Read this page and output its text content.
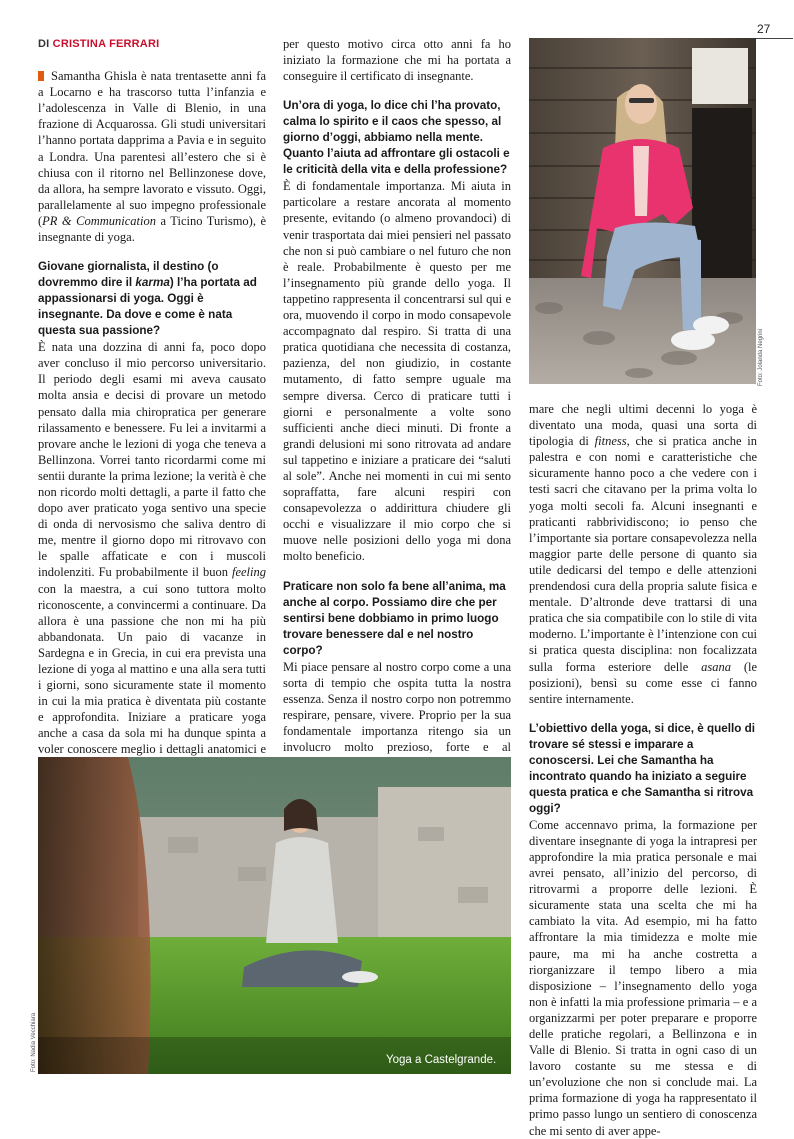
27
DI CRISTINA FERRARI

Samantha Ghisla è nata trentasette anni fa a Locarno e ha trascorso tutta l’infanzia e l’adolescenza in Valle di Blenio, in una frazione di Acquarossa. Gli studi universitari l’hanno portata dapprima a Pavia e in seguito a Londra. Una parentesi all’estero che si è chiusa con il ritorno nel Bellinzonese dove, da allora, ha sempre lavorato e vissuto. Oggi, parallelamente al suo impegno professionale (PR & Communication a Ticino Turismo), è insegnante di yoga.

Giovane giornalista, il destino (o dovremmo dire il karma) l’ha portata ad appassionarsi di yoga. Oggi è insegnante. Da dove e come è nata questa sua passione?

È nata una dozzina di anni fa, poco dopo aver concluso il mio percorso universitario. Il periodo degli esami mi aveva causato molta ansia e decisi di provare un metodo pensato dalla mia chiropratica per generare rilassamento e benessere. Fu lei a invitarmi a provare anche le lezioni di yoga che teneva a Bellinzona. Vorrei tanto ricordarmi come mi sentii durante la prima lezione; la verità è che non ricordo molti dettagli, a parte il fatto che dopo aver praticato yoga sentivo una specie di onda di nervosismo che saliva dentro di me, mentre il giorno dopo mi ritrovavo con le spalle affaticate e con i muscoli indolenziti. Fu probabilmente il buon feeling con la maestra, a cui sono tuttora molto riconoscente, a convincermi a continuare. Da allora è una passione che non mi ha più abbandonata. Un paio di vacanze in Sardegna e in Grecia, in cui era prevista una lezione di yoga al mattino e una alla sera tutti i giorni, sono sicuramente state il momento in cui la mia pratica è diventata più costante e approfondita. Iniziare a praticare yoga anche a casa da sola mi ha dunque spinta a voler conoscere meglio i dettagli anatomici e

per questo motivo circa otto anni fa ho iniziato la formazione che mi ha portata a conseguire il certificato di insegnante.

Un’ora di yoga, lo dice chi l’ha provato, calma lo spirito e il caos che spesso, al giorno d’oggi, abbiamo nella mente. Quanto l’aiuta ad affrontare gli ostacoli e le criticità della vita e della professione?

È di fondamentale importanza. Mi aiuta in particolare a restare ancorata al momento presente, evitando (o almeno provandoci) di venir trasportata dai miei pensieri nel passato che non si può cambiare o nel futuro che non è reale. Probabilmente è questo per me l’insegnamento più grande dello yoga. Il tappetino rappresenta il concentrarsi sul qui e ora, muovendo il corpo in modo consapevole accompagnato dal respiro. Si tratta di una pratica quotidiana che necessita di costanza, pazienza, del non giudizio, in costante mutamento, di fatto sempre uguale ma sempre diversa. Cerco di praticare tutti i giorni e personalmente a volte sono sufficienti anche dieci minuti. Di fronte a grandi delusioni mi sono ritrovata ad andare sul tappetino e iniziare a praticare dei “saluti al sole”. Anche nei momenti in cui mi sento sopraffatta, fare alcuni respiri con consapevolezza o addirittura chiudere gli occhi e visualizzare il mio corpo che si muove nelle posizioni dello yoga mi dona molto beneficio.

Praticare non solo fa bene all’anima, ma anche al corpo. Possiamo dire che per sentirsi bene dobbiamo in primo luogo trovare benessere dal e nel nostro corpo?

Mi piace pensare al nostro corpo come a una sorta di tempio che ospita tutta la nostra essenza. Senza il nostro corpo non potremmo respirare, pensare, vivere. Proprio per la sua fondamentale importanza ritengo sia un involucro molto prezioso, forte e al

Foto: Jolanda Negrini

mare che negli ultimi decenni lo yoga è diventato una moda, quasi una sorta di tipologia di fitness, che si pratica anche in palestra e con nomi e caratteristiche che sicuramente hanno poco a che vedere con i testi sacri che citavano per la prima volta lo yoga molti secoli fa. Alcuni insegnanti e praticanti rabbrividiscono; io penso che l’importante sia portare consapevolezza nella maggior parte delle persone di quanto sia utile dedicarsi del tempo e delle attenzioni prendendosi cura della propria salute fisica e mentale. D’altronde deve trattarsi di una pratica che sia compatibile con lo stile di vita moderno. L’importante è l’intenzione con cui si pratica questa disciplina: non focalizzata sulla forma esteriore delle asana (le posizioni), bensì su come esse ci fanno sentire internamente.

L’obiettivo della yoga, si dice, è quello di trovare sé stessi e imparare a conoscersi. Lei che Samantha ha incontrato quando ha iniziato a seguire questa pratica e che Samantha si ritrova oggi?

Come accennavo prima, la formazione per diventare insegnante di yoga la intrapresi per approfondire la mia pratica personale e mai avrei pensato, all’inizio del percorso, di ritrovarmi a proporre delle lezioni. È sicuramente stata una scelta che mi ha cambiato la vita. Ad esempio, mi ha fatto affrontare la mia timidezza e molte mie paure, ma mi ha anche costretta a riorganizzare il tempo libero a mia disposizione – l’insegnamento dello yoga non è infatti la mia professione primaria – e a organizzarmi per poter preparare e proporre delle pratiche regolari, a Bellinzona e in Valle di Blenio. Si tratta in ogni caso di un lavoro costante su me stessa e di un’evoluzione che non si conclude mai. La prima formazione di yoga ha rappresentato il primo passo lungo un sentiero di conoscenza che mi sento di aver appe-

Yoga a Castelgrande.
Foto: Nadia Vecchiara
